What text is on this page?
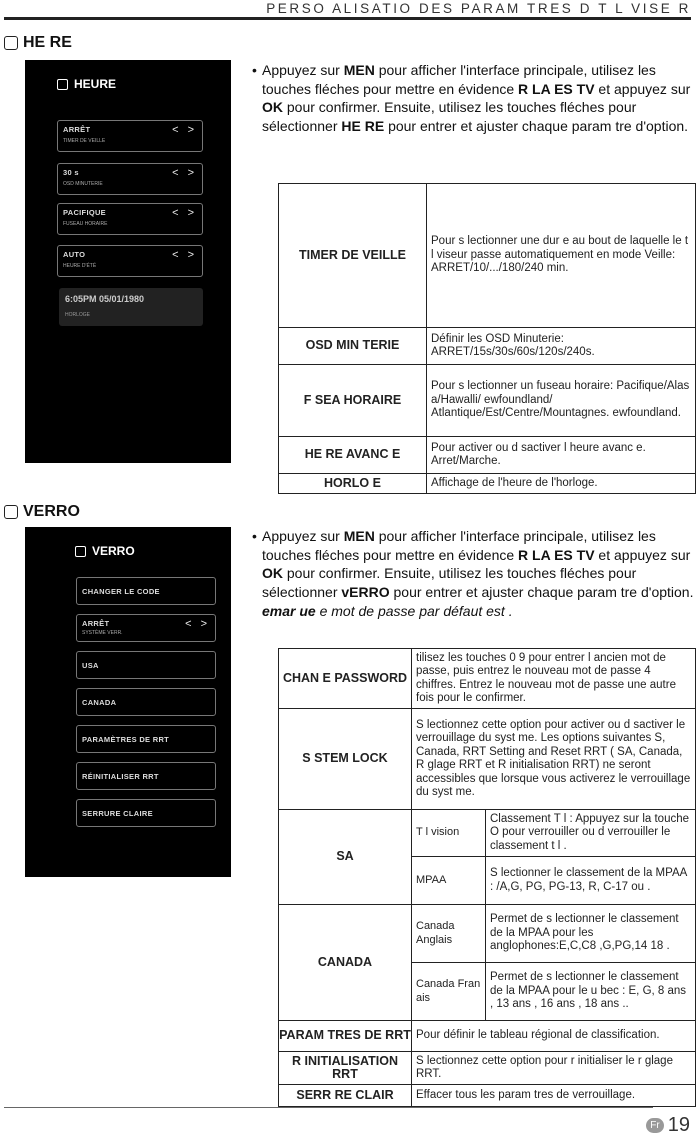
PERSO ALISATIO DES PARAM TRES D T L VISE R
HE RE
HEURE
ARRÊT
TIMER DE VEILLE
< >
30 s
OSD MINUTERIE
< >
PACIFIQUE
FUSEAU HORAIRE
< >
AUTO
HEURE D'ÉTÉ
< >
6:05PM 05/01/1980
HORLOGE
• Appuyez sur MEN pour afficher l'interface principale, utilisez les touches fléches pour mettre en évidence R LA ES TV et appuyez sur OK pour confirmer. Ensuite, utilisez les touches fléches pour sélectionner HE RE pour entrer et ajuster chaque param tre d'option.
TIMER DE VEILLE	Pour s lectionner une dur e au bout de laquelle le t l viseur passe automatiquement en mode Veille: ARRET/10/.../180/240 min.
OSD MIN TERIE	Définir les OSD Minuterie: ARRET/15s/30s/60s/120s/240s.
F SEA HORAIRE	Pour s lectionner un fuseau horaire: Pacifique/Alas a/Hawalli/ ewfoundland/ Atlantique/Est/Centre/Mountagnes. ewfoundland.
HE RE AVANC E	Pour activer ou d sactiver l heure avanc e. Arret/Marche.
HORLO E	Affichage de l'heure de l'horloge.
VERRO
VERRO
CHANGER LE CODE
ARRÊT
SYSTÈME VERR.
< >
USA
CANADA
PARAMÈTRES DE RRT
RÉINITIALISER RRT
SERRURE CLAIRE
• Appuyez sur MEN pour afficher l'interface principale, utilisez les touches fléches pour mettre en évidence R LA ES TV et appuyez sur OK pour confirmer. Ensuite, utilisez les touches fléches pour sélectionner vERRO pour entrer et ajuster chaque param tre d'option.
emar ue e mot de passe par défaut est .
CHAN E PASSWORD	tilisez les touches 0 9 pour entrer l ancien mot de passe, puis entrez le nouveau mot de passe 4 chiffres. Entrez le nouveau mot de passe une autre fois pour le confirmer.	
S STEM LOCK	S lectionnez cette option pour activer ou d sactiver le verrouillage du syst me. Les options suivantes S, Canada, RRT Setting and Reset RRT ( SA, Canada, R glage RRT et R initialisation RRT) ne seront accessibles que lorsque vous activerez le verrouillage du syst me.	
SA	T l vision	Classement T l : Appuyez sur la touche O pour verrouiller ou d verrouiller le classement t l .
	MPAA	S lectionner le classement de la MPAA : /A,G, PG, PG-13, R, C-17 ou .
CANADA	Canada Anglais	Permet de s lectionner le classement de la MPAA pour les anglophones:E,C,C8 ,G,PG,14 18 .
	Canada Fran ais	Permet de s lectionner le classement de la MPAA pour le u bec : E, G, 8 ans , 13 ans , 16 ans , 18 ans ..
PARAM TRES DE RRT	Pour définir le tableau régional de classification.	
R INITIALISATION RRT	S lectionnez cette option pour r initialiser le r glage RRT.	
SERR RE CLAIR	Effacer tous les param tres de verrouillage.	
Fr 19
